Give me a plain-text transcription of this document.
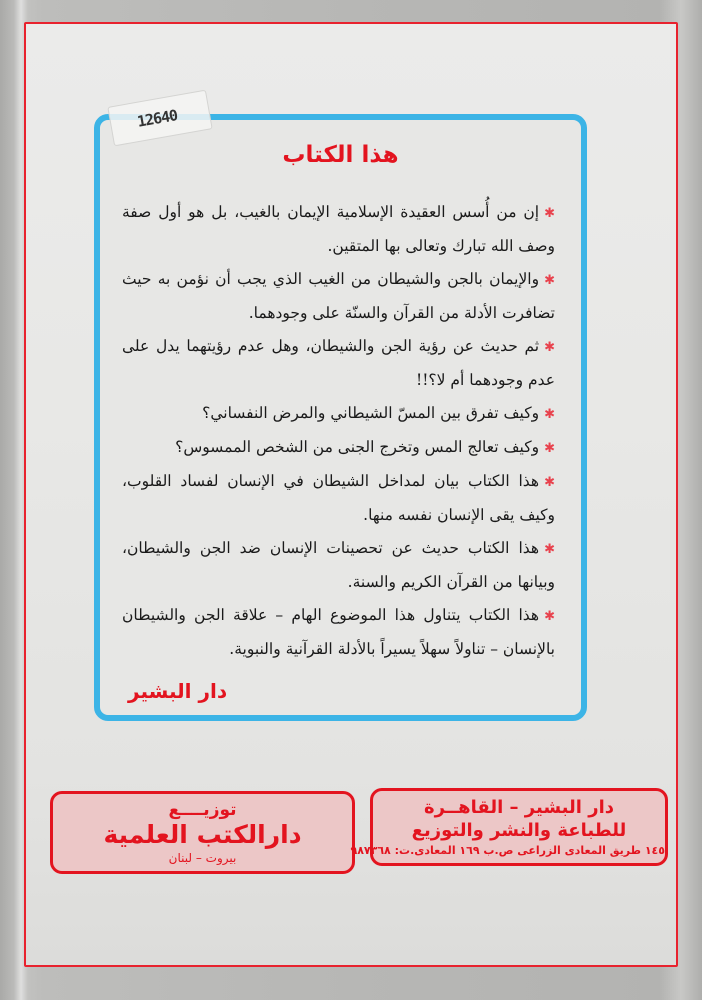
12640
هذا الكتاب

✱إن من أُسس العقيدة الإسلامية الإيمان بالغيب، بل هو أول صفة وصف الله تبارك وتعالى بها المتقين.

✱والإيمان بالجن والشيطان من الغيب الذي يجب أن نؤمن به حيث تضافرت الأدلة من القرآن والسنّة على وجودهما.

✱ثم حديث عن رؤية الجن والشيطان، وهل عدم رؤيتهما يدل على عدم وجودهما أم لا؟!!

✱وكيف تفرق بين المسّ الشيطاني والمرض النفساني؟

✱وكيف تعالج المس وتخرج الجنى من الشخص الممسوس؟

✱هذا الكتاب بيان لمداخل الشيطان في الإنسان لفساد القلوب، وكيف يقى الإنسان نفسه منها.

✱هذا الكتاب حديث عن تحصينات الإنسان ضد الجن والشيطان، وبيانها من القرآن الكريم والسنة.

✱هذا الكتاب يتناول هذا الموضوع الهام – علاقة الجن والشيطان بالإنسان – تناولاً سهلاً يسيراً بالأدلة القرآنية والنبوية.

دار البشير
توزيــــع
دارالكتب العلمية
بيروت – لبنان
دار البشير – القاهــرة
للطباعة والنشر والتوزيع
١٤٥ طريق المعادى الزراعى ص.ب ١٦٩ المعادى.ت: ٩٨٧٣٦٨
